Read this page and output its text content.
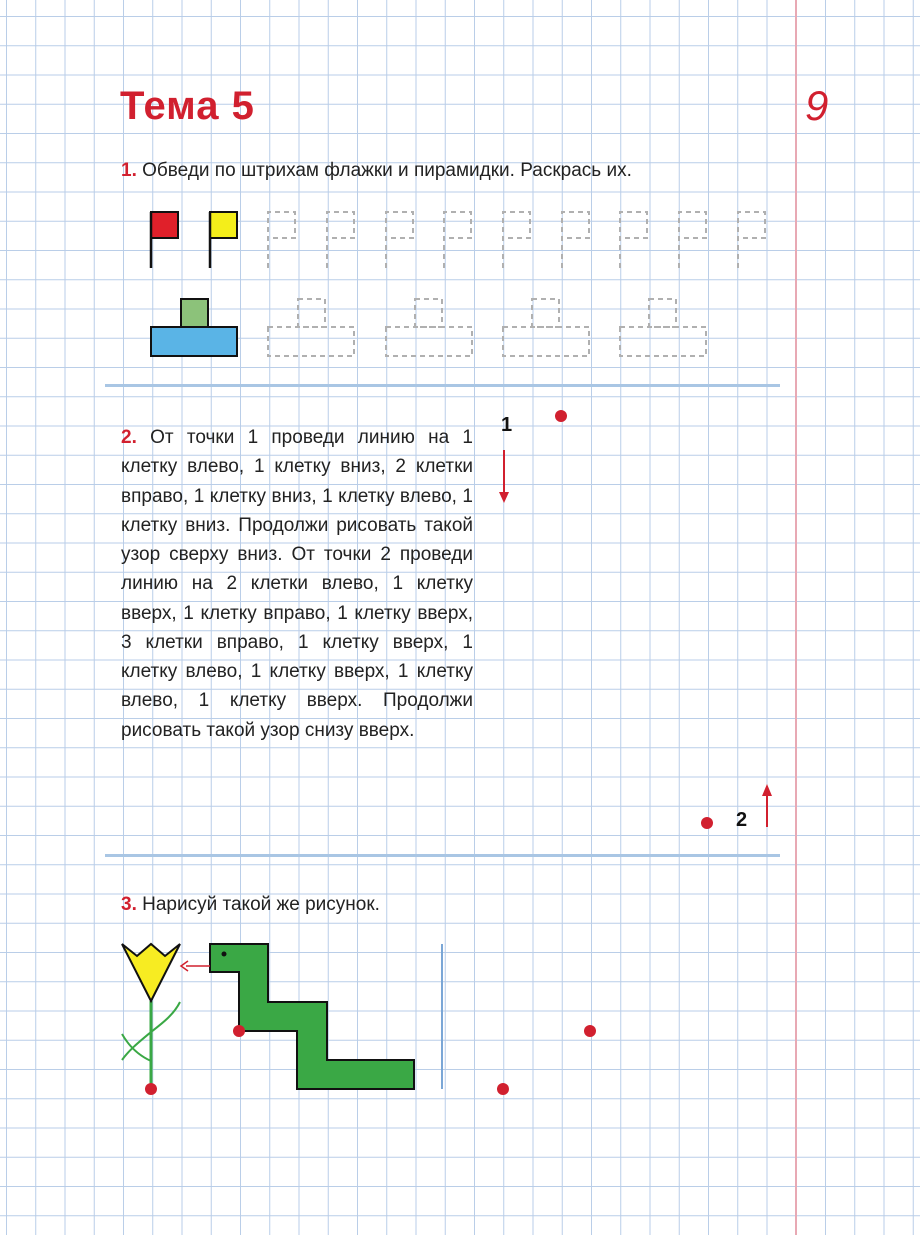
Тема 5	9
1. Обведи по штрихам флажки и пирамидки. Раскрась их.
2. От точки 1 проведи линию на 1 клетку влево, 1 клетку вниз, 2 клетки вправо, 1 клетку вниз, 1 клетку влево, 1 клетку вниз. Продолжи рисовать такой узор сверху вниз. От точки 2 проведи линию на 2 клетки влево, 1 клетку вверх, 1 клетку вправо, 1 клетку вверх, 3 клетки вправо, 1 клетку вверх, 1 клетку влево, 1 клетку вверх, 1 клетку влево, 1 клетку вверх. Продолжи рисовать такой узор снизу вверх.
1
2
3. Нарисуй такой же рисунок.
